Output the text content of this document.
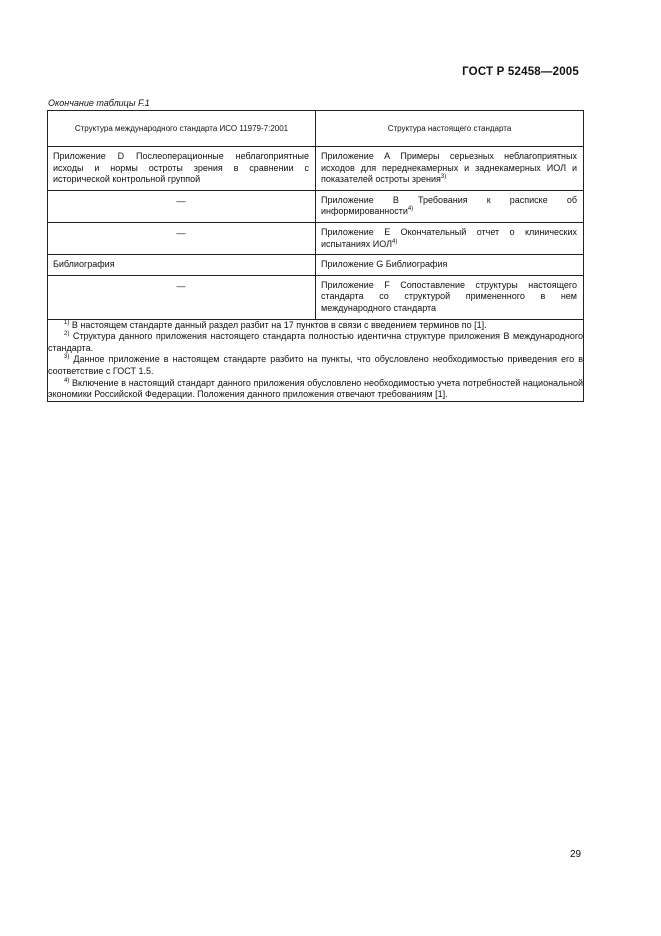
ГОСТ Р 52458—2005
Окончание таблицы F.1
Структура международного стандарта ИСО 11979-7:2001	Структура настоящего стандарта

Приложение D Послеоперационные неблагоприятные исходы и нормы остроты зрения в сравнении с исторической контрольной группой	Приложение А Примеры серьезных неблагоприятных исходов для переднекамерных и заднекамерных ИОЛ и показателей остроты зрения$^{3)}$

—	Приложение В Требования к расписке об информированности$^{4)}$

—	Приложение Е Окончательный отчет о клинических испытаниях ИОЛ$^{4)}$

Библиография	Приложение G Библиография

—	Приложение F Сопоставление структуры настоящего стандарта со структурой примененного в нем международного стандарта

$^{1)}$ В настоящем стандарте данный раздел разбит на 17 пунктов в связи с введением терминов по [1].
$^{2)}$ Структура данного приложения настоящего стандарта полностью идентична структуре приложения В международного стандарта.
$^{3)}$ Данное приложение в настоящем стандарте разбито на пункты, что обусловлено необходимостью приведения его в соответствие с ГОСТ 1.5.
$^{4)}$ Включение в настоящий стандарт данного приложения обусловлено необходимостью учета потребностей национальной экономики Российской Федерации. Положения данного приложения отвечают требованиям [1].	
29
